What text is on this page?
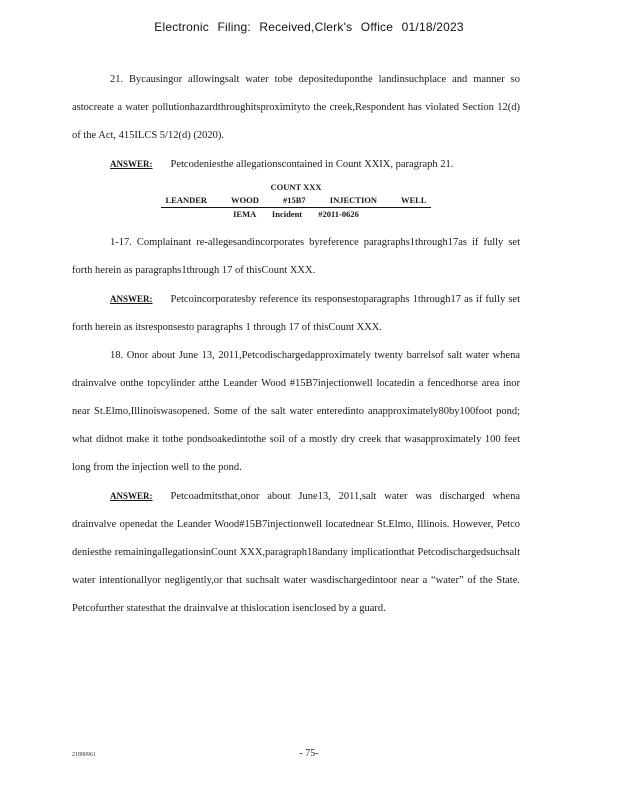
Electronic Filing: Received,Clerk's Office 01/18/2023

21. Bycausingor allowingsalt water tobe depositeduponthe landinsuchplace and manner so astocreate a water pollutionhazardthroughitsproximityto the creek,Respondent has violated Section 12(d) of the Act, 415ILCS 5/12(d) (2020).

ANSWER: Petcodeniesthe allegationscontained in Count XXIX, paragraph 21.

COUNT XXX
LEANDER WOOD #15B7 INJECTION WELL
IEMA Incident #2011-0626

1-17. Complainant re-allegesandincorporates byreference paragraphs1through17as if fully set forth herein as paragraphs1through 17 of thisCount XXX.

ANSWER: Petcoincorporatesby reference its responsestoparagraphs 1through17 as if fully set forth herein as itsresponsesto paragraphs 1 through 17 of thisCount XXX.

18. Onor about June 13, 2011,Petcodischargedapproximately twenty barrelsof salt water whena drainvalve onthe topcylinder atthe Leander Wood #15B7injectionwell locatedin a fencedhorse area inor near St.Elmo,Illinoiswasopened. Some of the salt water enteredinto anapproximately80by100foot pond; what didnot make it tothe pondsoakedintothe soil of a mostly dry creek that wasapproximately 100 feet long from the injection well to the pond.

ANSWER: Petcoadmitsthat,onor about June13, 2011,salt water was discharged whena drainvalve openedat the Leander Wood#15B7injectionwell locatednear St.Elmo, Illinois. However, Petco deniesthe remainingallegationsinCount XXX,paragraph18andany implicationthat Petcodischargedsuchsalt water intentionallyor negligently,or that suchsalt water wasdischargedintoor near a “water” of the State. Petcofurther statesthat the drainvalve at thislocation isenclosed by a guard.

21890961	- 75-
